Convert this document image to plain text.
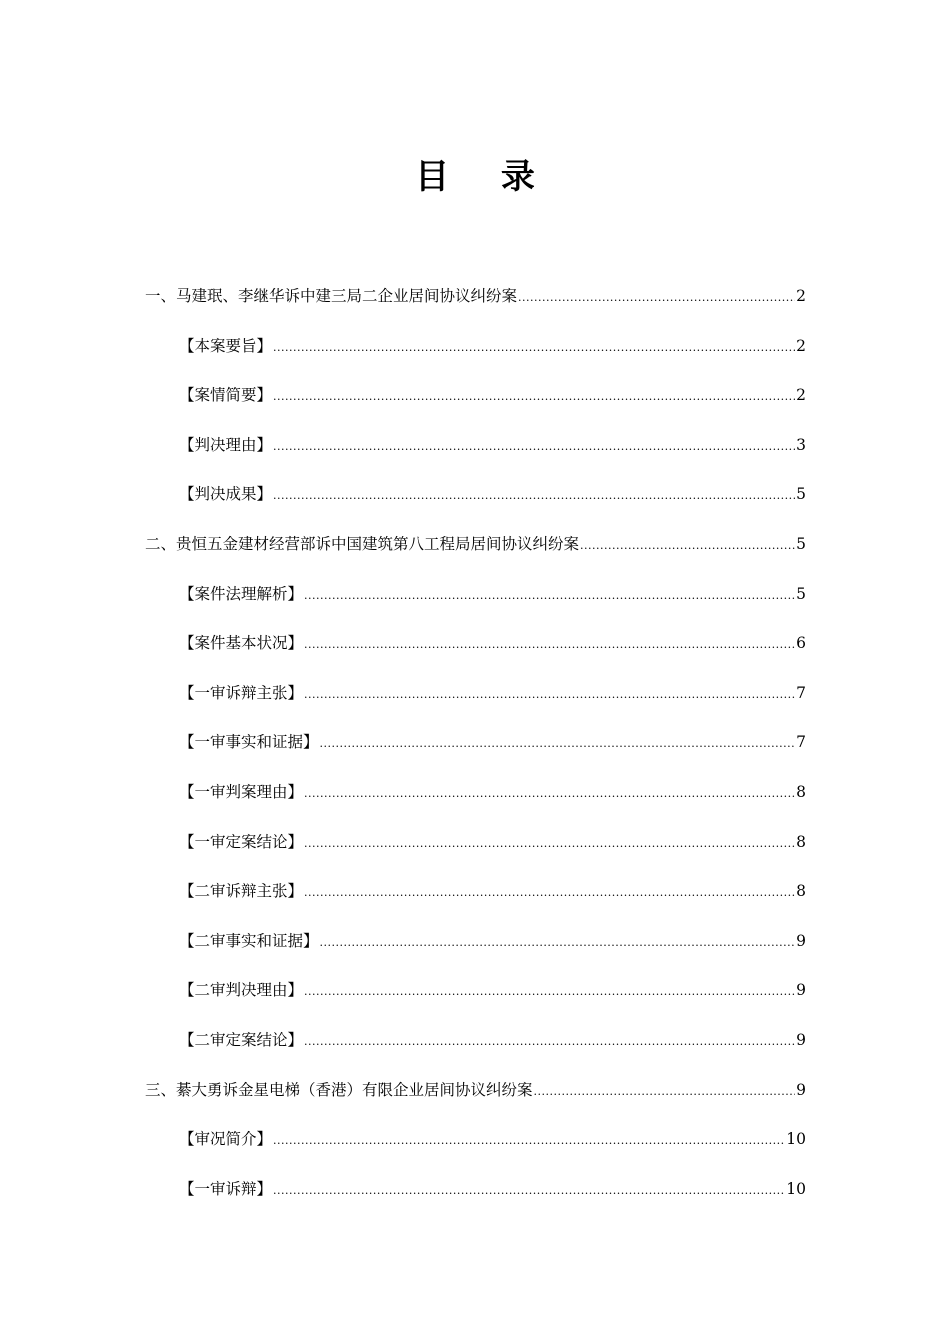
目 录
一、马建珉、李继华诉中建三局二企业居间协议纠纷案 .....	2
【本案要旨】 .....	2
【案情简要】 .....	2
【判决理由】 .....	3
【判决成果】 .....	5
二、贵恒五金建材经营部诉中国建筑第八工程局居间协议纠纷案 .....	5
【案件法理解析】 .....	5
【案件基本状况】 .....	6
【一审诉辩主张】 .....	7
【一审事实和证据】 .....	7
【一审判案理由】 .....	8
【一审定案结论】 .....	8
【二审诉辩主张】 .....	8
【二审事实和证据】 .....	9
【二审判决理由】 .....	9
【二审定案结论】 .....	9
三、綦大勇诉金星电梯（香港）有限企业居间协议纠纷案 .....	9
【审况简介】 .....	10
【一审诉辩】 .....	10
